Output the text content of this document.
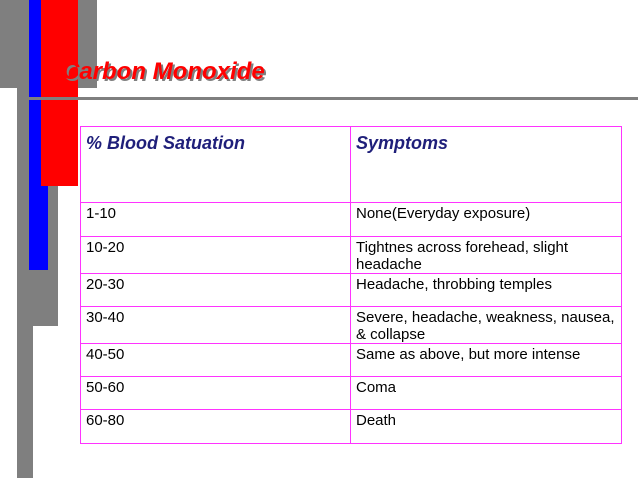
Carbon Monoxide
% Blood Satuation	Symptoms
1-10	None(Everyday exposure)
10-20	Tightnes across forehead, slight headache
20-30	Headache, throbbing temples
30-40	Severe, headache, weakness, nausea, & collapse
40-50	Same as above, but more intense
50-60	Coma
60-80	Death
